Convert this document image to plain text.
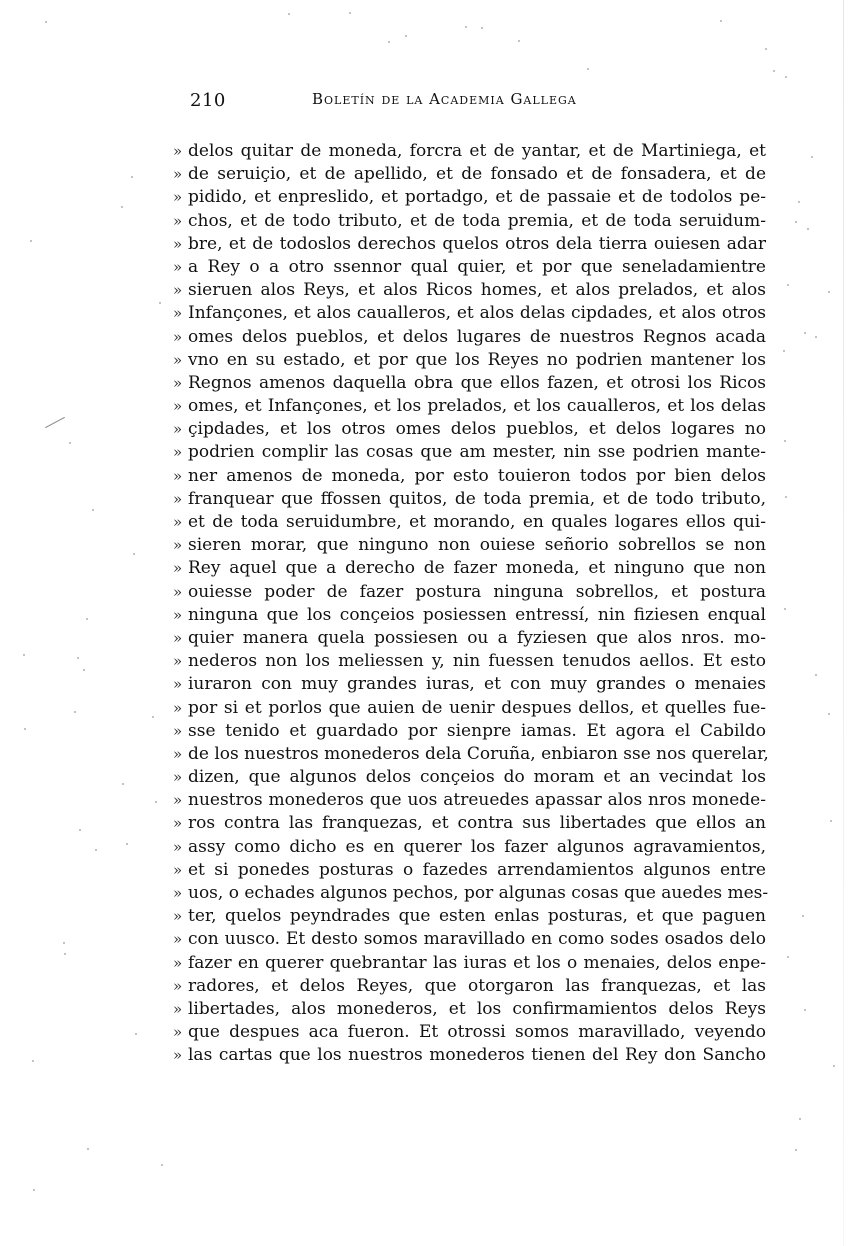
210	Boletín de la Academia Gallega
» delos quitar de moneda, forcra et de yantar, et de Martiniega, et
» de seruiçio, et de apellido, et de fonsado et de fonsadera, et de
» pidido, et enpreslido, et portadgo, et de passaie et de todolos pe-
» chos, et de todo tributo, et de toda premia, et de toda seruidum-
» bre, et de todoslos derechos quelos otros dela tierra ouiesen adar
» a Rey o a otro ssennor qual quier, et por que seneladamientre
» sieruen alos Reys, et alos Ricos homes, et alos prelados, et alos
» Infançones, et alos caualleros, et alos delas cipdades, et alos otros
» omes delos pueblos, et delos lugares de nuestros Regnos acada
» vno en su estado, et por que los Reyes no podrien mantener los
» Regnos amenos daquella obra que ellos fazen, et otrosi los Ricos
» omes, et Infançones, et los prelados, et los caualleros, et los delas
» çipdades, et los otros omes delos pueblos, et delos logares no
» podrien complir las cosas que am mester, nin sse podrien mante-
» ner amenos de moneda, por esto touieron todos por bien delos
» franquear que ffossen quitos, de toda premia, et de todo tributo,
» et de toda seruidumbre, et morando, en quales logares ellos qui-
» sieren morar, que ninguno non ouiese señorio sobrellos se non
» Rey aquel que a derecho de fazer moneda, et ninguno que non
» ouiesse poder de fazer postura ninguna sobrellos, et postura
» ninguna que los conçeios posiessen entressí, nin fiziesen enqual
» quier manera quela possiesen ou a fyziesen que alos nros. mo-
» nederos non los meliessen y, nin fuessen tenudos aellos. Et esto
» iuraron con muy grandes iuras, et con muy grandes o menaies
» por si et porlos que auien de uenir despues dellos, et quelles fue-
» sse tenido et guardado por sienpre iamas. Et agora el Cabildo
» de los nuestros monederos dela Coruña, enbiaron sse nos querelar,
» dizen, que algunos delos conçeios do moram et an vecindat los
» nuestros monederos que uos atreuedes apassar alos nros monede-
» ros contra las franquezas, et contra sus libertades que ellos an
» assy como dicho es en querer los fazer algunos agravamientos,
» et si ponedes posturas o fazedes arrendamientos algunos entre
» uos, o echades algunos pechos, por algunas cosas que auedes mes-
» ter, quelos peyndrades que esten enlas posturas, et que paguen
» con uusco. Et desto somos maravillado en como sodes osados delo
» fazer en querer quebrantar las iuras et los o menaies, delos enpe-
» radores, et delos Reyes, que otorgaron las franquezas, et las
» libertades, alos monederos, et los confirmamientos delos Reys
» que despues aca fueron. Et otrossi somos maravillado, veyendo
» las cartas que los nuestros monederos tienen del Rey don Sancho
